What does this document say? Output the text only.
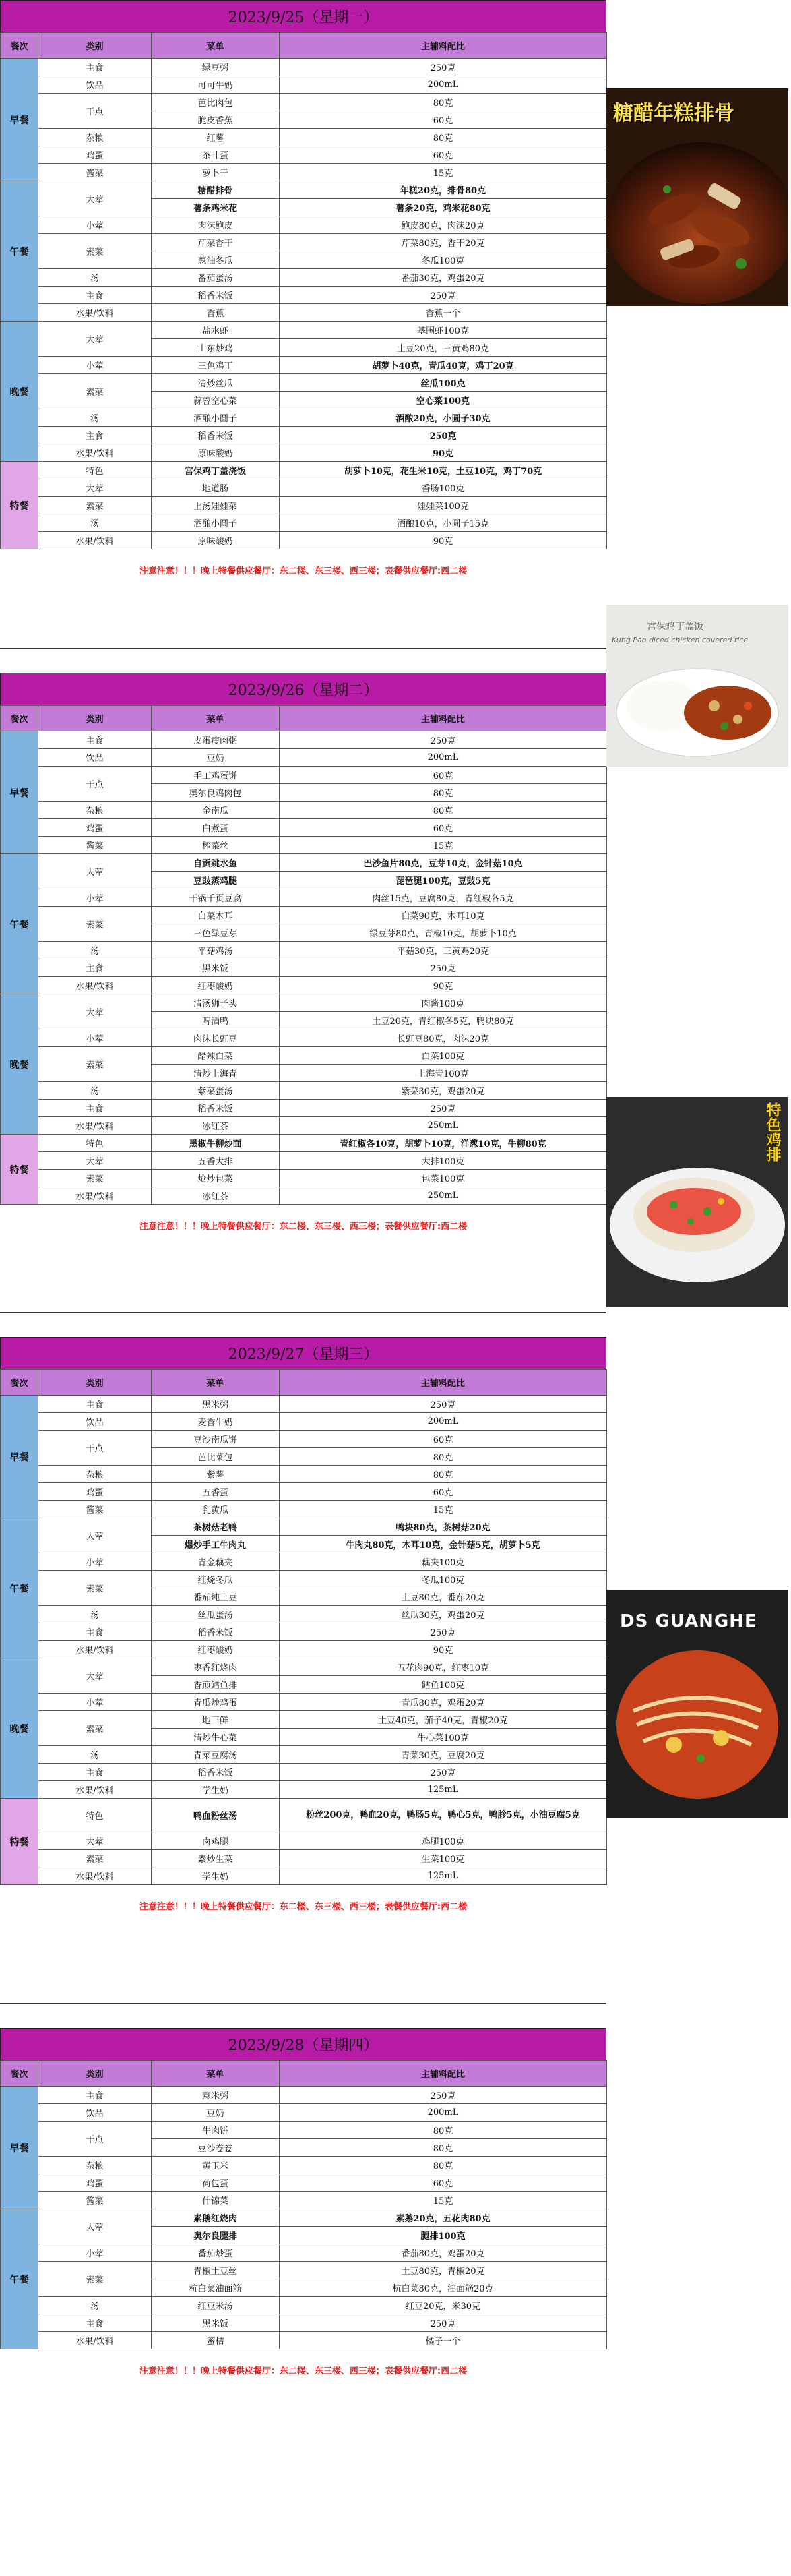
2023/9/25（星期一）
餐次	类别	菜单	主辅料配比
早餐	主食	绿豆粥	250克
	饮品	可可牛奶	200mL
	干点	芭比肉包	80克
		脆皮香蕉	60克
	杂粮	红薯	80克
	鸡蛋	茶叶蛋	60克
	酱菜	萝卜干	15克
午餐	大荤	糖醋排骨	年糕20克，排骨80克
		薯条鸡米花	薯条20克，鸡米花80克
	小荤	肉沫鲍皮	鲍皮80克，肉沫20克
	素菜	芹菜香干	芹菜80克，香干20克
		葱油冬瓜	冬瓜100克
	汤	番茄蛋汤	番茄30克，鸡蛋20克
	主食	稻香米饭	250克
	水果/饮料	香蕉	香蕉一个
晚餐	大荤	盐水虾	基围虾100克
		山东炒鸡	土豆20克，三黄鸡80克
	小荤	三色鸡丁	胡萝卜40克，青瓜40克，鸡丁20克
	素菜	清炒丝瓜	丝瓜100克
		蒜蓉空心菜	空心菜100克
	汤	酒酿小圆子	酒酿20克，小圆子30克
	主食	稻香米饭	250克
	水果/饮料	原味酸奶	90克
特餐	特色	宫保鸡丁盖浇饭	胡萝卜10克，花生米10克，土豆10克，鸡丁70克
	大荤	地道肠	香肠100克
	素菜	上汤娃娃菜	娃娃菜100克
	汤	酒酿小圆子	酒酿10克，小圆子15克
	水果/饮料	原味酸奶	90克
注意注意！！！晚上特餐供应餐厅：东二楼、东三楼、西三楼；表餐供应餐厅:西二楼
2023/9/26（星期二）
餐次	类别	菜单	主辅料配比
早餐	主食	皮蛋瘦肉粥	250克
	饮品	豆奶	200mL
	干点	手工鸡蛋饼	60克
		奥尔良鸡肉包	80克
	杂粮	金南瓜	80克
	鸡蛋	白煮蛋	60克
	酱菜	榨菜丝	15克
午餐	大荤	自贡跳水鱼	巴沙鱼片80克，豆芽10克，金针菇10克
		豆豉蒸鸡腿	琵琶腿100克，豆豉5克
	小荤	干锅千页豆腐	肉丝15克，豆腐80克，青红椒各5克
	素菜	白菜木耳	白菜90克，木耳10克
		三色绿豆芽	绿豆芽80克，青椒10克，胡萝卜10克
	汤	平菇鸡汤	平菇30克，三黄鸡20克
	主食	黑米饭	250克
	水果/饮料	红枣酸奶	90克
晚餐	大荤	清汤狮子头	肉酱100克
		啤酒鸭	土豆20克，青红椒各5克，鸭块80克
	小荤	肉沫长豇豆	长豇豆80克，肉沫20克
	素菜	醋辣白菜	白菜100克
		清炒上海青	上海青100克
	汤	紫菜蛋汤	紫菜30克，鸡蛋20克
	主食	稻香米饭	250克
	水果/饮料	冰红茶	250mL
特餐	特色	黑椒牛柳炒面	青红椒各10克，胡萝卜10克，洋葱10克，牛柳80克
	大荤	五香大排	大排100克
	素菜	炝炒包菜	包菜100克
	水果/饮料	冰红茶	250mL
注意注意！！！晚上特餐供应餐厅：东二楼、东三楼、西三楼；表餐供应餐厅:西二楼
2023/9/27（星期三）
餐次	类别	菜单	主辅料配比
早餐	主食	黑米粥	250克
	饮品	麦香牛奶	200mL
	干点	豆沙南瓜饼	60克
		芭比菜包	80克
	杂粮	紫薯	80克
	鸡蛋	五香蛋	60克
	酱菜	乳黄瓜	15克
午餐	大荤	茶树菇老鸭	鸭块80克，茶树菇20克
		爆炒手工牛肉丸	牛肉丸80克，木耳10克，金针菇5克，胡萝卜5克
	小荤	青金藕夹	藕夹100克
	素菜	红烧冬瓜	冬瓜100克
		番茄炖土豆	土豆80克，番茄20克
	汤	丝瓜蛋汤	丝瓜30克，鸡蛋20克
	主食	稻香米饭	250克
	水果/饮料	红枣酸奶	90克
晚餐	大荤	枣香红烧肉	五花肉90克，红枣10克
		香煎鳕鱼排	鳕鱼100克
	小荤	青瓜炒鸡蛋	青瓜80克，鸡蛋20克
	素菜	地三鲜	土豆40克，茄子40克，青椒20克
		清炒牛心菜	牛心菜100克
	汤	青菜豆腐汤	青菜30克，豆腐20克
	主食	稻香米饭	250克
	水果/饮料	学生奶	125mL
特餐	特色	鸭血粉丝汤	粉丝200克，鸭血20克，鸭肠5克，鸭心5克，鸭胗5克，小油豆腐5克
	大荤	卤鸡腿	鸡腿100克
	素菜	素炒生菜	生菜100克
	水果/饮料	学生奶	125mL
注意注意！！！晚上特餐供应餐厅：东二楼、东三楼、西三楼；表餐供应餐厅:西二楼
2023/9/28（星期四）
餐次	类别	菜单	主辅料配比
早餐	主食	薏米粥	250克
	饮品	豆奶	200mL
	干点	牛肉饼	80克
		豆沙卷卷	80克
	杂粮	黄玉米	80克
	鸡蛋	荷包蛋	60克
	酱菜	什锦菜	15克
午餐	大荤	素鹅红烧肉	素鹅20克，五花肉80克
		奥尔良腿排	腿排100克
	小荤	番茄炒蛋	番茄80克，鸡蛋20克
	素菜	青椒土豆丝	土豆80克，青椒20克
		杭白菜油面筋	杭白菜80克，油面筋20克
	汤	红豆米汤	红豆20克，米30克
	主食	黑米饭	250克
	水果/饮料	蜜桔	橘子一个
注意注意！！！晚上特餐供应餐厅：东二楼、东三楼、西三楼；表餐供应餐厅:西二楼
糖醋年糕排骨
宫保鸡丁盖饭
Kung Pao diced chicken covered rice
特色鸡排
DS GUANGHE
